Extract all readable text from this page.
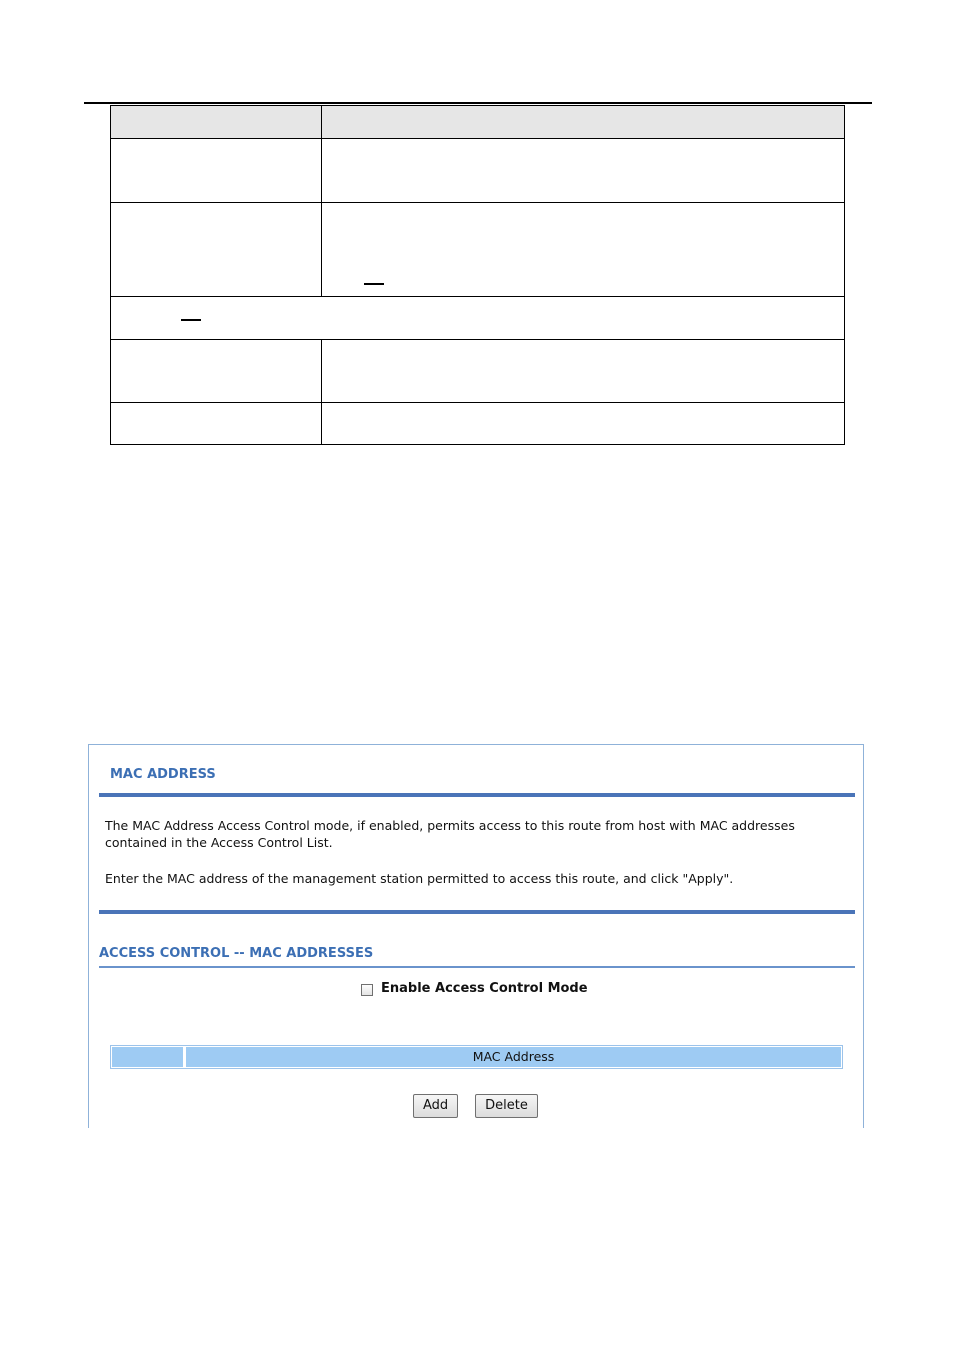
MAC ADDRESS
The MAC Address Access Control mode, if enabled, permits access to this route from host with MAC addresses contained in the Access Control List.
Enter the MAC address of the management station permitted to access this route, and click "Apply".
ACCESS CONTROL -- MAC ADDRESSES
Enable Access Control Mode
MAC Address
Add	Delete
